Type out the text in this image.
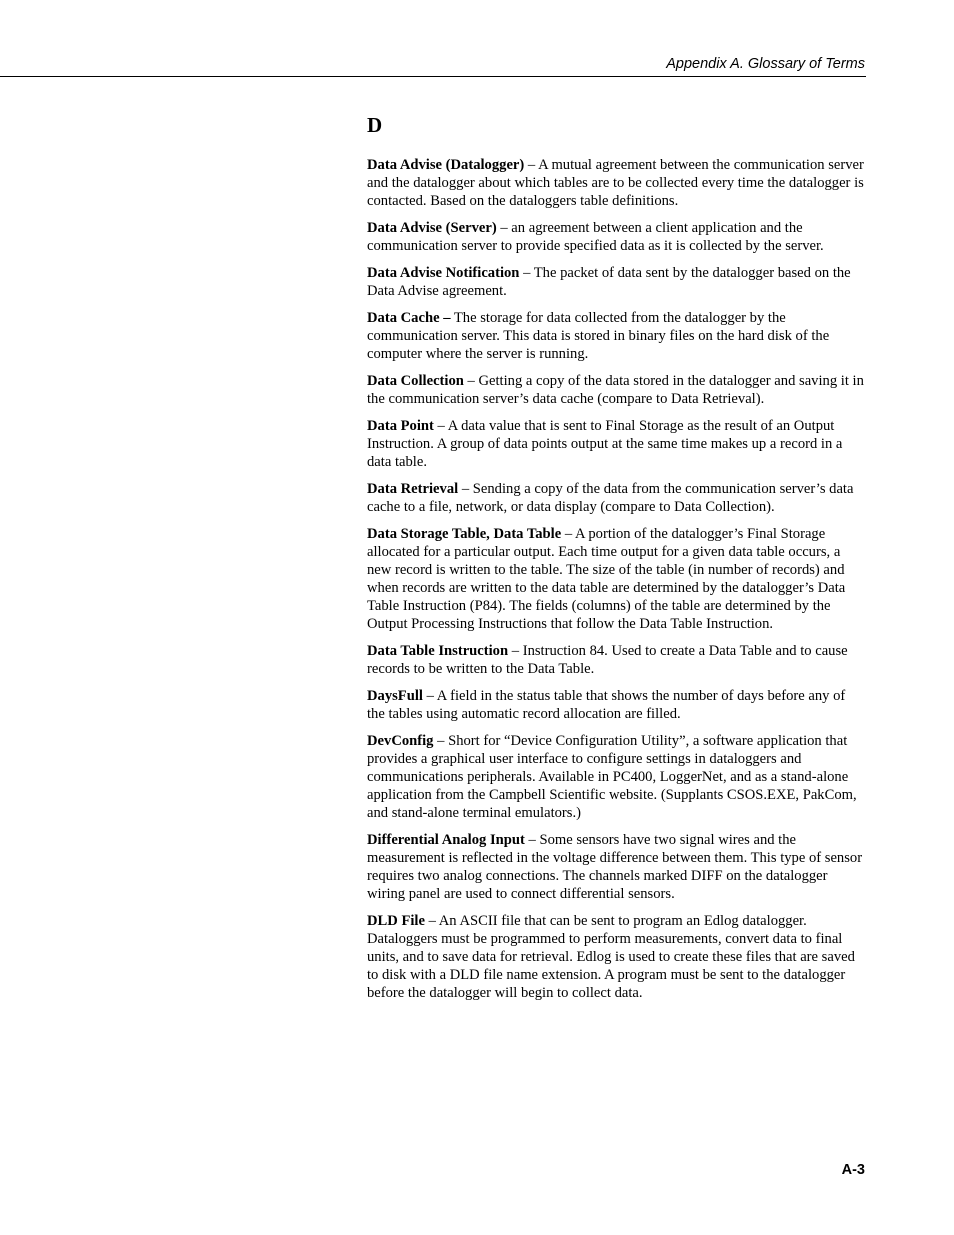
Appendix A. Glossary of Terms
D

Data Advise (Datalogger) – A mutual agreement between the communication server and the datalogger about which tables are to be collected every time the datalogger is contacted. Based on the dataloggers table definitions.

Data Advise (Server) – an agreement between a client application and the communication server to provide specified data as it is collected by the server.

Data Advise Notification – The packet of data sent by the datalogger based on the Data Advise agreement.

Data Cache – The storage for data collected from the datalogger by the communication server. This data is stored in binary files on the hard disk of the computer where the server is running.

Data Collection – Getting a copy of the data stored in the datalogger and saving it in the communication server’s data cache (compare to Data Retrieval).

Data Point – A data value that is sent to Final Storage as the result of an Output Instruction. A group of data points output at the same time makes up a record in a data table.

Data Retrieval – Sending a copy of the data from the communication server’s data cache to a file, network, or data display (compare to Data Collection).

Data Storage Table, Data Table – A portion of the datalogger’s Final Storage allocated for a particular output. Each time output for a given data table occurs, a new record is written to the table. The size of the table (in number of records) and when records are written to the data table are determined by the datalogger’s Data Table Instruction (P84). The fields (columns) of the table are determined by the Output Processing Instructions that follow the Data Table Instruction.

Data Table Instruction – Instruction 84. Used to create a Data Table and to cause records to be written to the Data Table.

DaysFull – A field in the status table that shows the number of days before any of the tables using automatic record allocation are filled.

DevConfig – Short for “Device Configuration Utility”, a software application that provides a graphical user interface to configure settings in dataloggers and communications peripherals. Available in PC400, LoggerNet, and as a stand-alone application from the Campbell Scientific website. (Supplants CSOS.EXE, PakCom, and stand-alone terminal emulators.)

Differential Analog Input – Some sensors have two signal wires and the measurement is reflected in the voltage difference between them. This type of sensor requires two analog connections. The channels marked DIFF on the datalogger wiring panel are used to connect differential sensors.

DLD File – An ASCII file that can be sent to program an Edlog datalogger. Dataloggers must be programmed to perform measurements, convert data to final units, and to save data for retrieval. Edlog is used to create these files that are saved to disk with a DLD file name extension. A program must be sent to the datalogger before the datalogger will begin to collect data.

A-3
